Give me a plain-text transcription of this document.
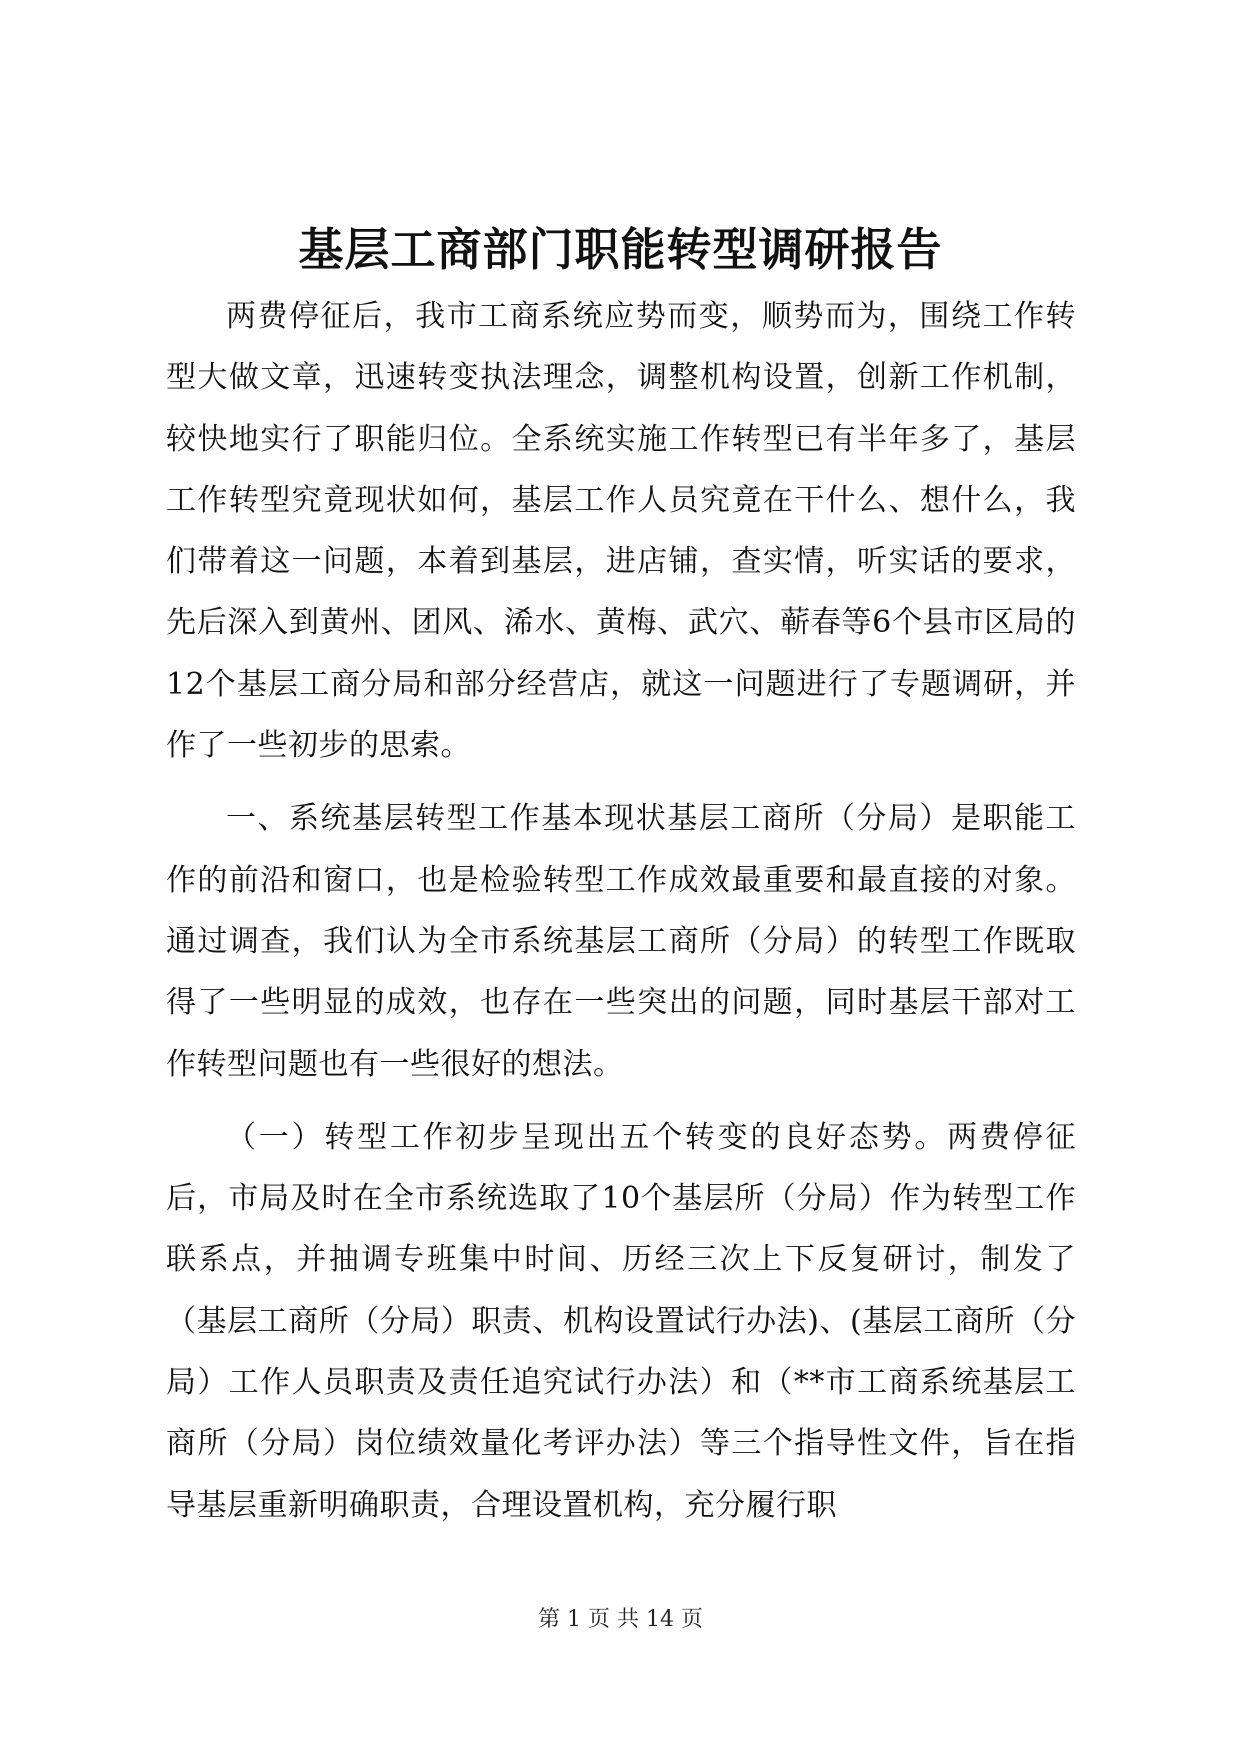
基层工商部门职能转型调研报告

两费停征后，我市工商系统应势而变，顺势而为，围绕工作转型大做文章，迅速转变执法理念，调整机构设置，创新工作机制，较快地实行了职能归位。全系统实施工作转型已有半年多了，基层工作转型究竟现状如何，基层工作人员究竟在干什么、想什么，我们带着这一问题，本着到基层，进店铺，查实情，听实话的要求，先后深入到黄州、团风、浠水、黄梅、武穴、蕲春等6个县市区局的12个基层工商分局和部分经营店，就这一问题进行了专题调研，并作了一些初步的思索。

一、系统基层转型工作基本现状基层工商所（分局）是职能工作的前沿和窗口，也是检验转型工作成效最重要和最直接的对象。通过调查，我们认为全市系统基层工商所（分局）的转型工作既取得了一些明显的成效，也存在一些突出的问题，同时基层干部对工作转型问题也有一些很好的想法。

（一）转型工作初步呈现出五个转变的良好态势。两费停征后，市局及时在全市系统选取了10个基层所（分局）作为转型工作联系点，并抽调专班集中时间、历经三次上下反复研讨，制发了（基层工商所（分局）职责、机构设置试行办法)、(基层工商所（分局）工作人员职责及责任追究试行办法）和（**市工商系统基层工商所（分局）岗位绩效量化考评办法）等三个指导性文件，旨在指导基层重新明确职责，合理设置机构，充分履行职

第 1 页 共 14 页
